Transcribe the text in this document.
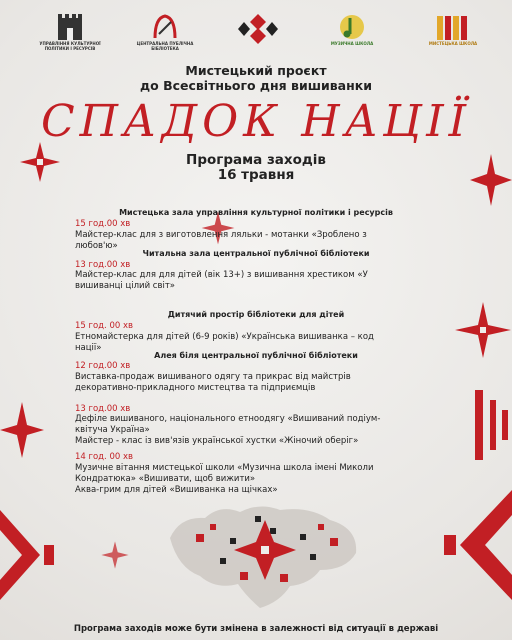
УПРАВЛІННЯ КУЛЬТУРНОЇ ПОЛІТИКИ І РЕСУРСІВ
ЦЕНТРАЛЬНА ПУБЛІЧНА БІБЛІОТЕКА
МУЗИЧНА ШКОЛА	МИСТЕЦЬКА ШКОЛА
Мистецький проєкт
до Всесвітнього дня вишиванки
СПАДОК НАЦІЇ
Програма заходів
16 травня
Мистецька зала управління культурної політики і ресурсів
15 год.00 хв
Майстер-клас для з виготовлення ляльки - мотанки «Зроблено з
любов'ю»
Читальна зала центральної публічної бібліотеки
13 год.00 хв
Майстер-клас для для дітей (вік 13+) з вишивання хрестиком «У
вишиванці цілий світ»
Дитячий простір бібліотеки для дітей
15 год. 00 хв
Етномайстерка для дітей (6-9 років) «Українська вишиванка – код
нації»
Алея біля центральної публічної бібліотеки
12 год.00 хв
Виставка-продаж вишиваного одягу та прикрас від майстрів
декоративно-прикладного мистецтва та підприємців
13 год.00 хв
Дефіле вишиваного, національного етноодягу «Вишиваний подіум-
квітуча Україна»
Майстер - клас із вив'язів української хустки «Жіночий оберіг»
14 год. 00 хв
Музичне вітання мистецької школи «Музична школа імені Миколи
Кондратюка» «Вишивати, щоб вижити»
Аква-грим для дітей «Вишиванка на щічках»
Програма заходів може бути змінена в залежності від ситуації в державі
